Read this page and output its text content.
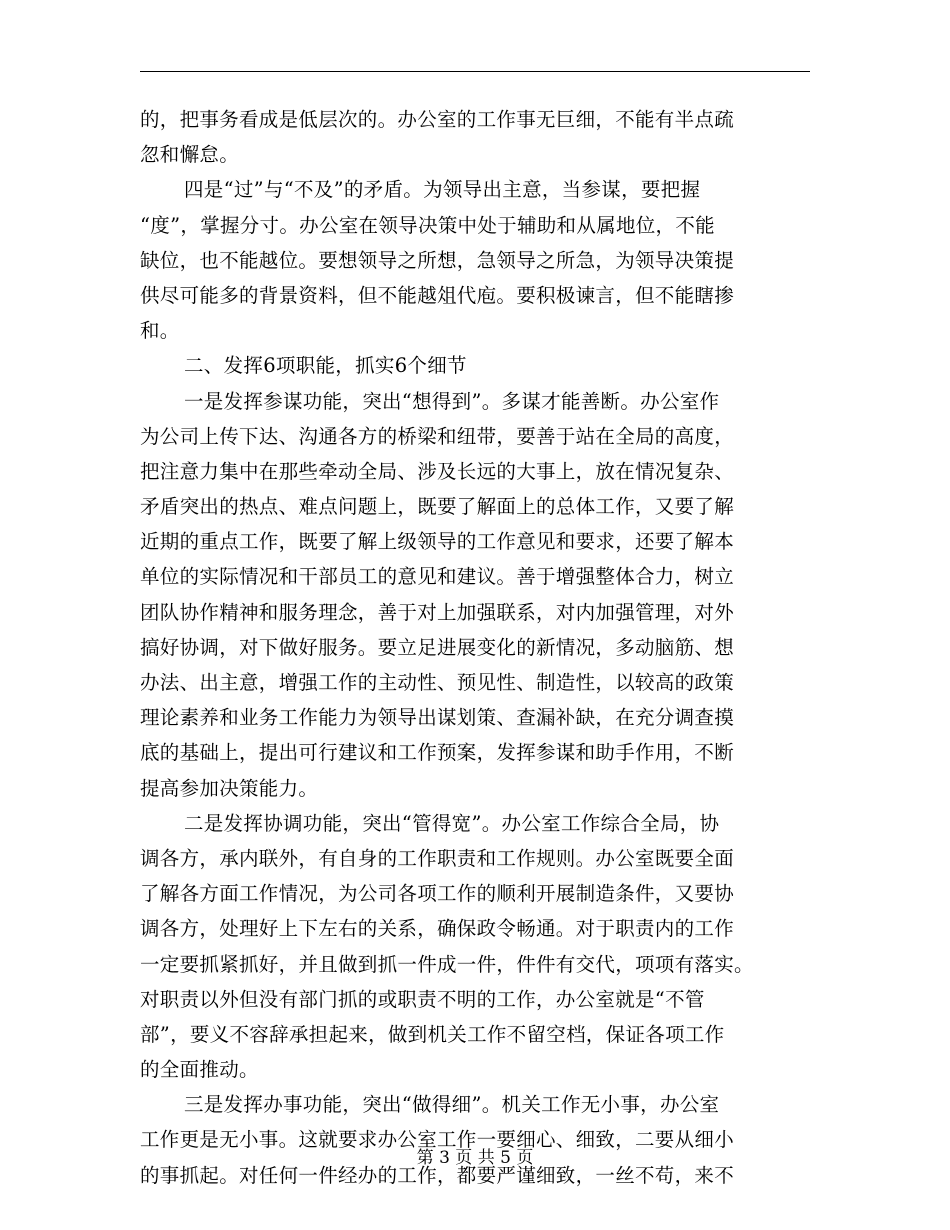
的，把事务看成是低层次的。办公室的工作事无巨细，不能有半点疏
忽和懈怠。
四是“过”与“不及”的矛盾。为领导出主意，当参谋，要把握
“度”，掌握分寸。办公室在领导决策中处于辅助和从属地位，不能
缺位，也不能越位。要想领导之所想，急领导之所急，为领导决策提
供尽可能多的背景资料，但不能越俎代庖。要积极谏言，但不能瞎掺
和。
二、发挥6项职能，抓实6个细节
一是发挥参谋功能，突出“想得到”。多谋才能善断。办公室作
为公司上传下达、沟通各方的桥梁和纽带，要善于站在全局的高度，
把注意力集中在那些牵动全局、涉及长远的大事上，放在情况复杂、
矛盾突出的热点、难点问题上，既要了解面上的总体工作，又要了解
近期的重点工作，既要了解上级领导的工作意见和要求，还要了解本
单位的实际情况和干部员工的意见和建议。善于增强整体合力，树立
团队协作精神和服务理念，善于对上加强联系，对内加强管理，对外
搞好协调，对下做好服务。要立足进展变化的新情况，多动脑筋、想
办法、出主意，增强工作的主动性、预见性、制造性，以较高的政策
理论素养和业务工作能力为领导出谋划策、查漏补缺，在充分调查摸
底的基础上，提出可行建议和工作预案，发挥参谋和助手作用，不断
提高参加决策能力。
二是发挥协调功能，突出“管得宽”。办公室工作综合全局，协
调各方，承内联外，有自身的工作职责和工作规则。办公室既要全面
了解各方面工作情况，为公司各项工作的顺利开展制造条件，又要协
调各方，处理好上下左右的关系，确保政令畅通。对于职责内的工作
一定要抓紧抓好，并且做到抓一件成一件，件件有交代，项项有落实。
对职责以外但没有部门抓的或职责不明的工作，办公室就是“不管
部”，要义不容辞承担起来，做到机关工作不留空档，保证各项工作
的全面推动。
三是发挥办事功能，突出“做得细”。机关工作无小事，办公室
工作更是无小事。这就要求办公室工作一要细心、细致，二要从细小
的事抓起。对任何一件经办的工作，都要严谨细致，一丝不苟，来不
第 3 页 共 5 页
